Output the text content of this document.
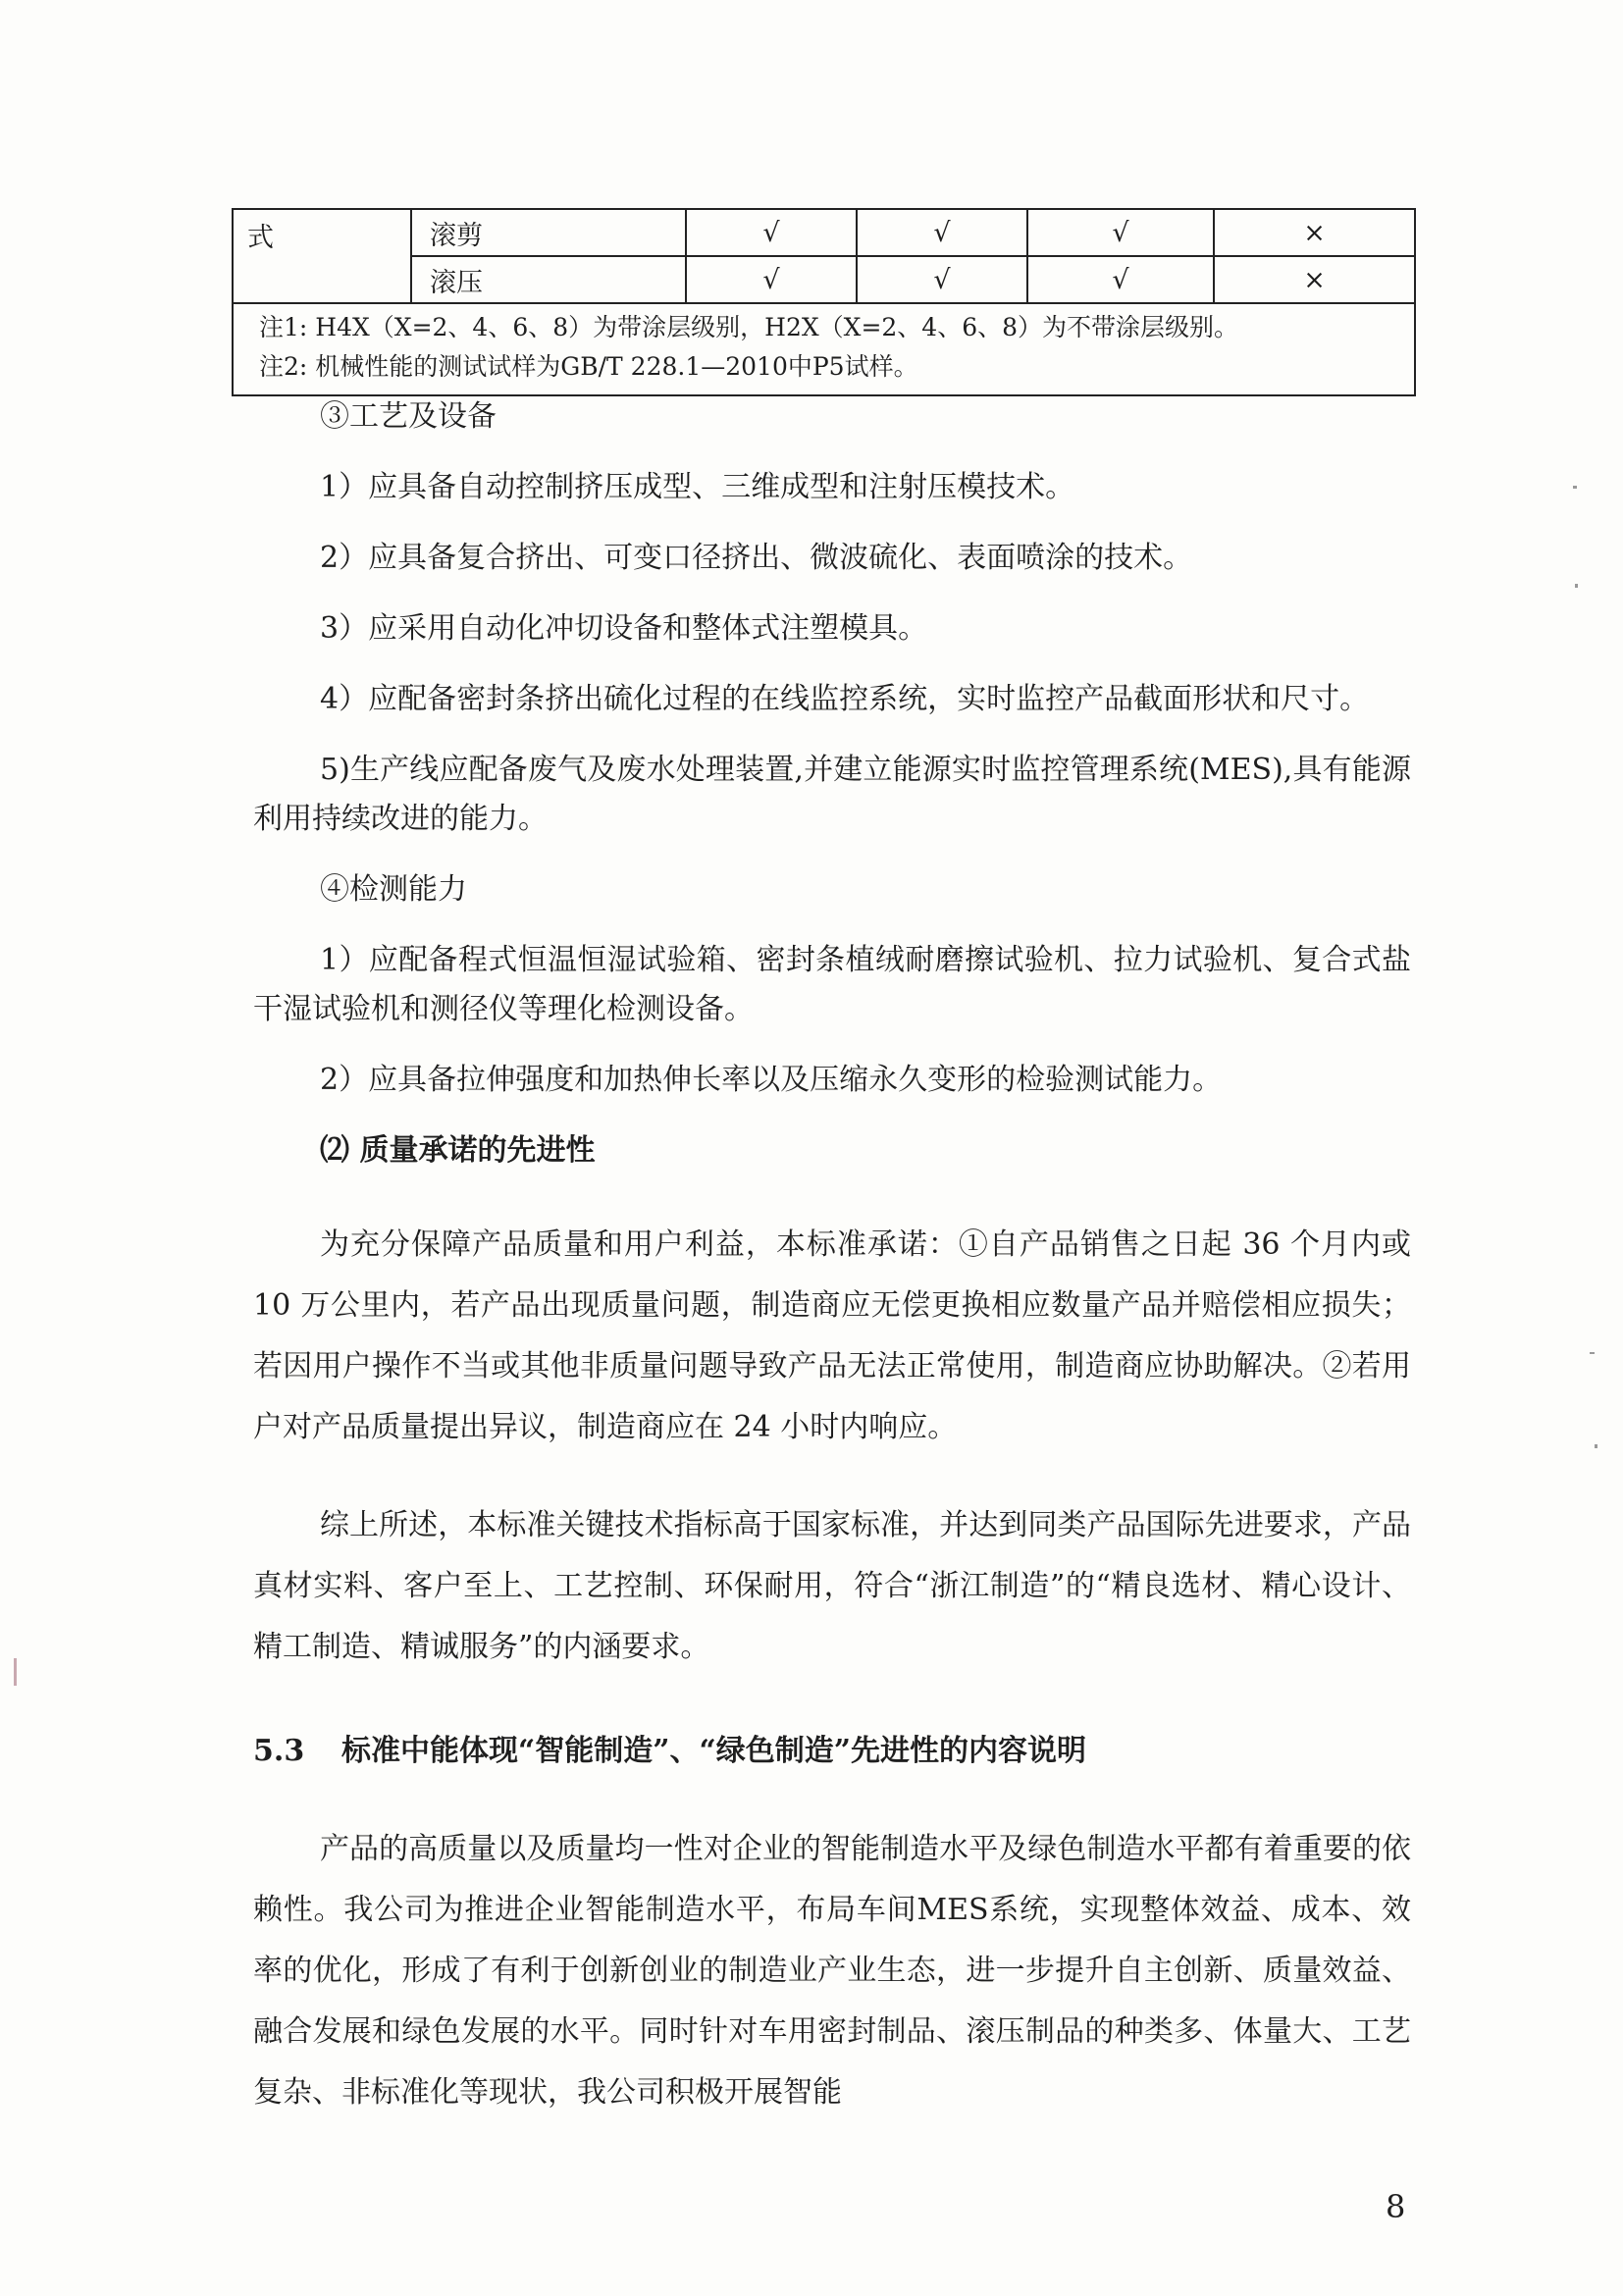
式	滚剪	√	√	√	×
	滚压	√	√	√	×

注1: H4X（X=2、4、6、8）为带涂层级别，H2X（X=2、4、6、8）为不带涂层级别。
注2: 机械性能的测试试样为GB/T 228.1—2010中P5试样。					

③工艺及设备

1）应具备自动控制挤压成型、三维成型和注射压模技术。

2）应具备复合挤出、可变口径挤出、微波硫化、表面喷涂的技术。

3）应采用自动化冲切设备和整体式注塑模具。

4）应配备密封条挤出硫化过程的在线监控系统，实时监控产品截面形状和尺寸。

5)生产线应配备废气及废水处理装置,并建立能源实时监控管理系统(MES),具有能源利用持续改进的能力。

④检测能力

1）应配备程式恒温恒湿试验箱、密封条植绒耐磨擦试验机、拉力试验机、复合式盐干湿试验机和测径仪等理化检测设备。

2）应具备拉伸强度和加热伸长率以及压缩永久变形的检验测试能力。

⑵ 质量承诺的先进性

为充分保障产品质量和用户利益，本标准承诺：①自产品销售之日起 36 个月内或 10 万公里内，若产品出现质量问题，制造商应无偿更换相应数量产品并赔偿相应损失；若因用户操作不当或其他非质量问题导致产品无法正常使用，制造商应协助解决。②若用户对产品质量提出异议，制造商应在 24 小时内响应。

综上所述，本标准关键技术指标高于国家标准，并达到同类产品国际先进要求，产品真材实料、客户至上、工艺控制、环保耐用，符合“浙江制造”的“精良选材、精心设计、精工制造、精诚服务”的内涵要求。

5.3 标准中能体现“智能制造”、“绿色制造”先进性的内容说明

产品的高质量以及质量均一性对企业的智能制造水平及绿色制造水平都有着重要的依赖性。我公司为推进企业智能制造水平，布局车间MES系统，实现整体效益、成本、效率的优化，形成了有利于创新创业的制造业产业生态，进一步提升自主创新、质量效益、融合发展和绿色发展的水平。同时针对车用密封制品、滚压制品的种类多、体量大、工艺复杂、非标准化等现状，我公司积极开展智能

8
